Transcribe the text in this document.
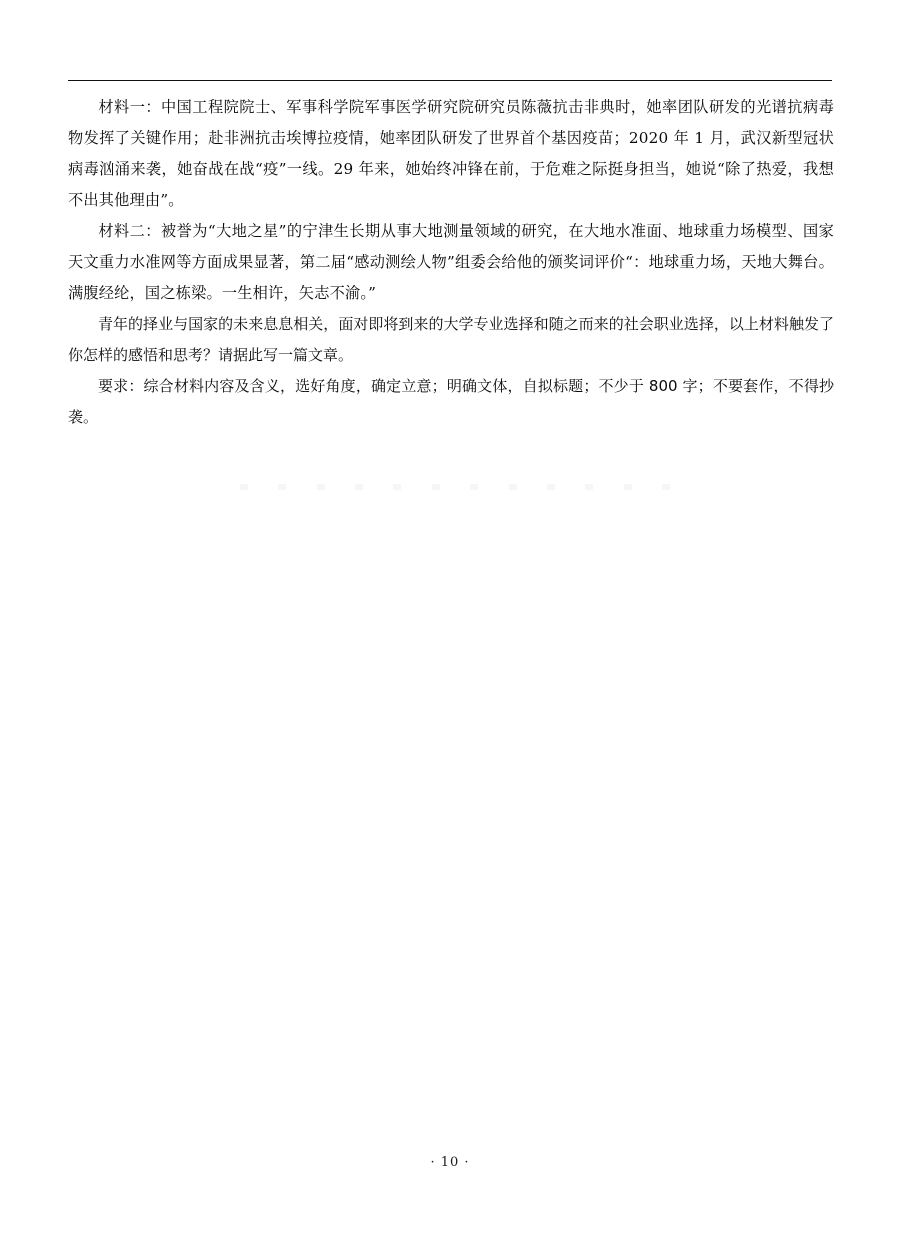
材料一：中国工程院院士、军事科学院军事医学研究院研究员陈薇抗击非典时，她率团队研发的光谱抗病毒物发挥了关键作用；赴非洲抗击埃博拉疫情，她率团队研发了世界首个基因疫苗；2020 年 1 月，武汉新型冠状病毒汹涌来袭，她奋战在战“疫”一线。29 年来，她始终冲锋在前，于危难之际挺身担当，她说“除了热爱，我想不出其他理由”。

材料二：被誉为“大地之星”的宁津生长期从事大地测量领域的研究，在大地水准面、地球重力场模型、国家天文重力水准网等方面成果显著，第二届“感动测绘人物”组委会给他的颁奖词评价“：地球重力场，天地大舞台。满腹经纶，国之栋梁。一生相许，矢志不渝。”

青年的择业与国家的未来息息相关，面对即将到来的大学专业选择和随之而来的社会职业选择，以上材料触发了你怎样的感悟和思考？请据此写一篇文章。

要求：综合材料内容及含义，选好角度，确定立意；明确文体，自拟标题；不少于 800 字；不要套作，不得抄袭。

· 10 ·
